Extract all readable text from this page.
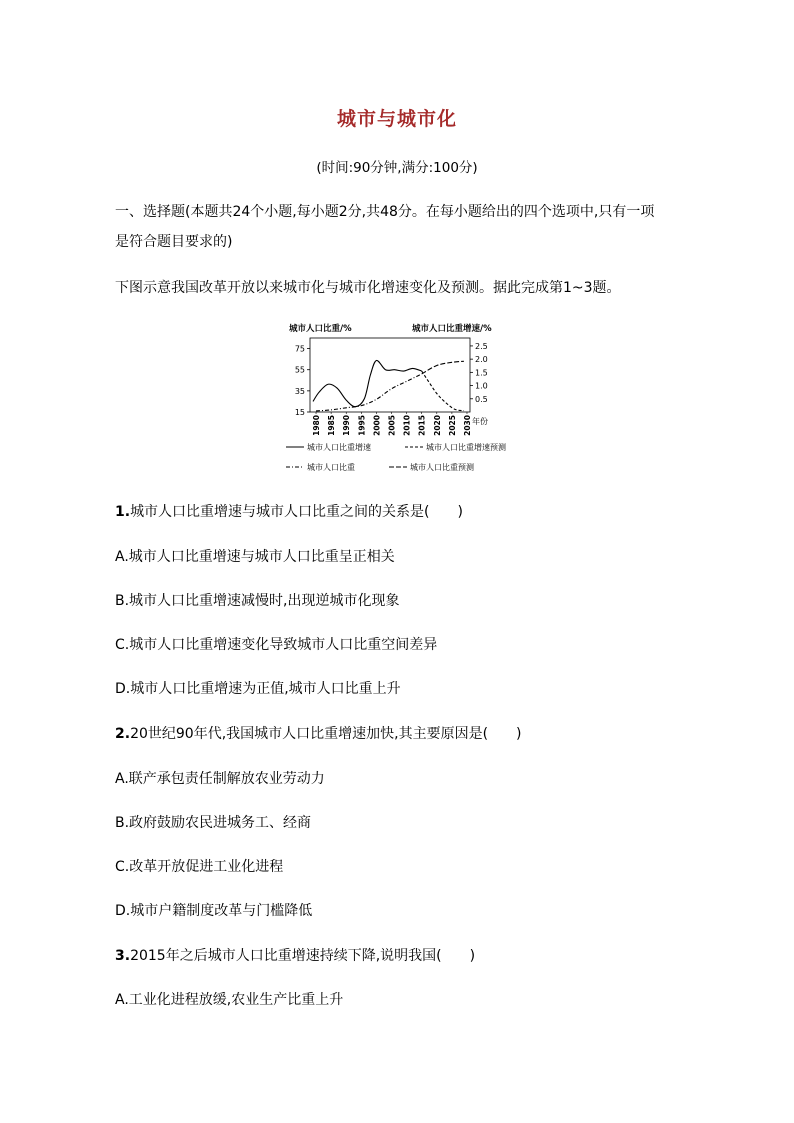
城市与城市化
(时间:90分钟,满分:100分)
一、选择题(本题共24个小题,每小题2分,共48分。在每小题给出的四个选项中,只有一项
是符合题目要求的)
下图示意我国改革开放以来城市化与城市化增速变化及预测。据此完成第1~3题。
城市人口比重/%	城市人口比重增速/%
75
55
35
15
2.5
2.0
1.5
1.0
0.5
1980 1985 1990 1995 2000 2005 2010 2015 2020 2025 2030 年份
城市人口比重增速	城市人口比重增速预测
城市人口比重	城市人口比重预测
1.城市人口比重增速与城市人口比重之间的关系是(　　)
A.城市人口比重增速与城市人口比重呈正相关
B.城市人口比重增速减慢时,出现逆城市化现象
C.城市人口比重增速变化导致城市人口比重空间差异
D.城市人口比重增速为正值,城市人口比重上升
2.20世纪90年代,我国城市人口比重增速加快,其主要原因是(　　)
A.联产承包责任制解放农业劳动力
B.政府鼓励农民进城务工、经商
C.改革开放促进工业化进程
D.城市户籍制度改革与门槛降低
3.2015年之后城市人口比重增速持续下降,说明我国(　　)
A.工业化进程放缓,农业生产比重上升
